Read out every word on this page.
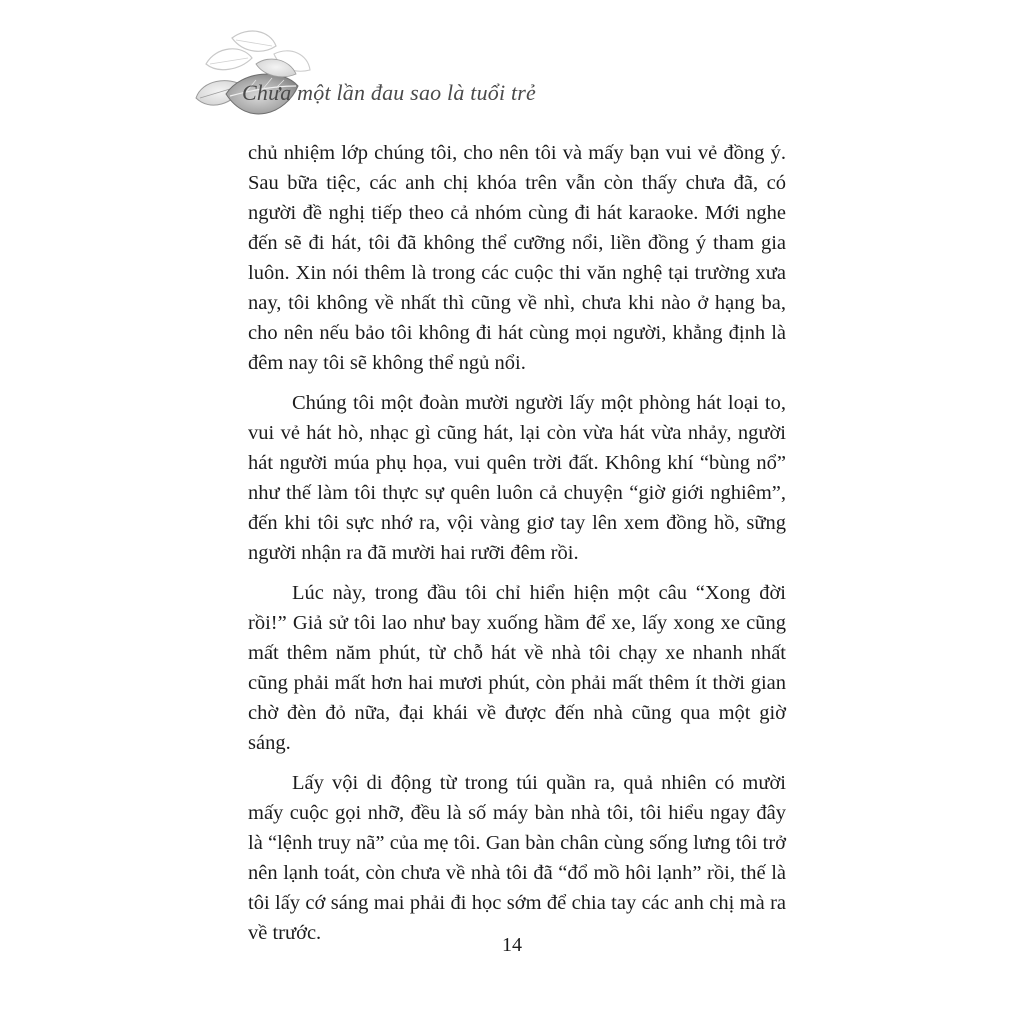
Chưa một lần đau sao là tuổi trẻ

chủ nhiệm lớp chúng tôi, cho nên tôi và mấy bạn vui vẻ đồng ý. Sau bữa tiệc, các anh chị khóa trên vẫn còn thấy chưa đã, có người đề nghị tiếp theo cả nhóm cùng đi hát karaoke. Mới nghe đến sẽ đi hát, tôi đã không thể cưỡng nổi, liền đồng ý tham gia luôn. Xin nói thêm là trong các cuộc thi văn nghệ tại trường xưa nay, tôi không về nhất thì cũng về nhì, chưa khi nào ở hạng ba, cho nên nếu bảo tôi không đi hát cùng mọi người, khẳng định là đêm nay tôi sẽ không thể ngủ nổi.

Chúng tôi một đoàn mười người lấy một phòng hát loại to, vui vẻ hát hò, nhạc gì cũng hát, lại còn vừa hát vừa nhảy, người hát người múa phụ họa, vui quên trời đất. Không khí “bùng nổ” như thế làm tôi thực sự quên luôn cả chuyện “giờ giới nghiêm”, đến khi tôi sực nhớ ra, vội vàng giơ tay lên xem đồng hồ, sững người nhận ra đã mười hai rưỡi đêm rồi.

Lúc này, trong đầu tôi chỉ hiển hiện một câu “Xong đời rồi!” Giả sử tôi lao như bay xuống hầm để xe, lấy xong xe cũng mất thêm năm phút, từ chỗ hát về nhà tôi chạy xe nhanh nhất cũng phải mất hơn hai mươi phút, còn phải mất thêm ít thời gian chờ đèn đỏ nữa, đại khái về được đến nhà cũng qua một giờ sáng.

Lấy vội di động từ trong túi quần ra, quả nhiên có mười mấy cuộc gọi nhỡ, đều là số máy bàn nhà tôi, tôi hiểu ngay đây là “lệnh truy nã” của mẹ tôi. Gan bàn chân cùng sống lưng tôi trở nên lạnh toát, còn chưa về nhà tôi đã “đổ mồ hôi lạnh” rồi, thế là tôi lấy cớ sáng mai phải đi học sớm để chia tay các anh chị mà ra về trước.

14
